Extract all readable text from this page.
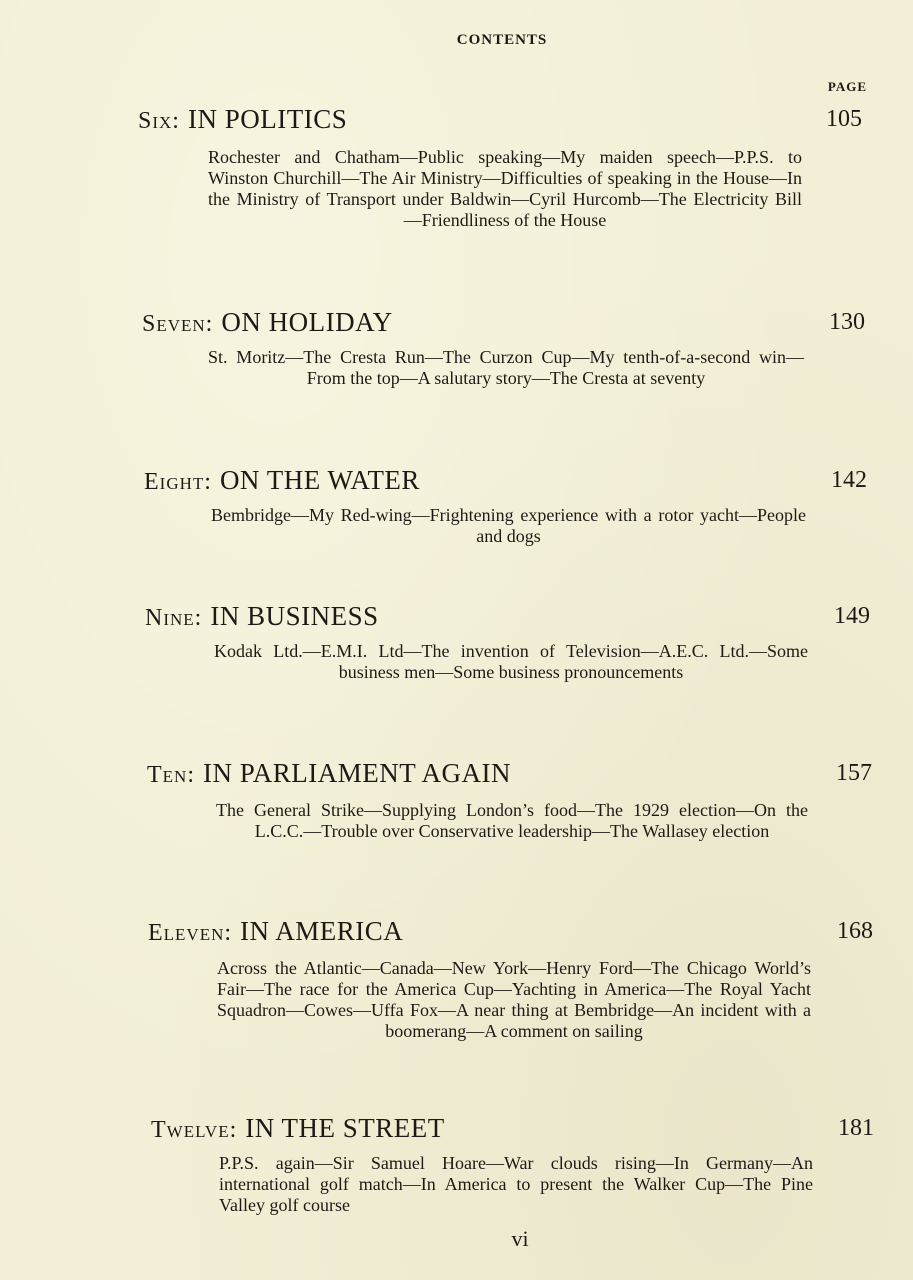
CONTENTS
PAGE
Six: IN POLITICS	105
Rochester and Chatham—Public speaking—My maiden speech—P.P.S. to Winston Churchill—The Air Ministry—Difficulties of speaking in the House—In the Ministry of Transport under Baldwin—Cyril Hurcomb—The Electricity Bill—Friendliness of the House
Seven: ON HOLIDAY	130
St. Moritz—The Cresta Run—The Curzon Cup—My tenth-of-a-second win—From the top—A salutary story—The Cresta at seventy
Eight: ON THE WATER	142
Bembridge—My Red-wing—Frightening experience with a rotor yacht—People and dogs
Nine: IN BUSINESS	149
Kodak Ltd.—E.M.I. Ltd—The invention of Television—A.E.C. Ltd.—Some business men—Some business pronouncements
Ten: IN PARLIAMENT AGAIN	157
The General Strike—Supplying London’s food—The 1929 election—On the L.C.C.—Trouble over Conservative leadership—The Wallasey election
Eleven: IN AMERICA	168
Across the Atlantic—Canada—New York—Henry Ford—The Chicago World’s Fair—The race for the America Cup—Yachting in America—The Royal Yacht Squadron—Cowes—Uffa Fox—A near thing at Bembridge—An incident with a boomerang—A comment on sailing
Twelve: IN THE STREET	181
P.P.S. again—Sir Samuel Hoare—War clouds rising—In Germany—An international golf match—In America to present the Walker Cup—The Pine Valley golf course
vi
